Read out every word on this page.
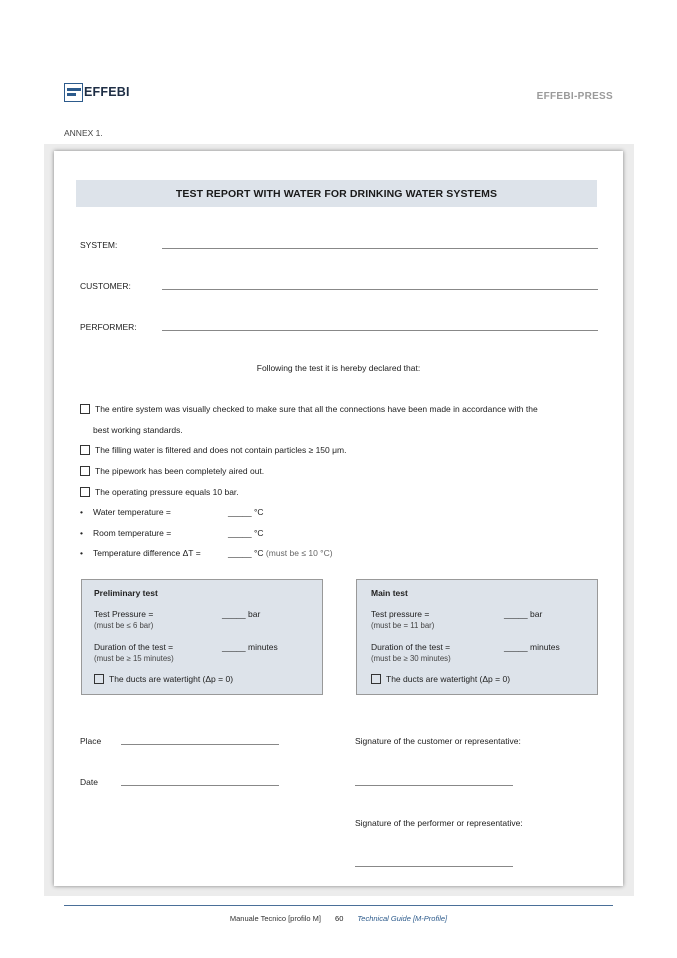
EFFEBI	EFFEBI-PRESS
ANNEX 1.
TEST REPORT WITH WATER FOR DRINKING WATER SYSTEMS
SYSTEM:
CUSTOMER:
PERFORMER:
Following the test it is hereby declared that:
The entire system was visually checked to make sure that all the connections have been made in accordance with the
best working standards.
The filling water is filtered and does not contain particles ≥ 150 μm.
The pipework has been completely aired out.
The operating pressure equals 10 bar.
• Water temperature =	_____ °C
• Room temperature =	_____ °C
• Temperature difference ΔT =	_____ °C (must be ≤ 10 °C)
Preliminary test
Test Pressure =
(must be ≤ 6 bar)
_____ bar
Duration of the test =
(must be ≥ 15 minutes)
_____ minutes
The ducts are watertight (Δp = 0)
Main test
Test pressure =
(must be = 11 bar)
_____ bar
Duration of the test =
(must be ≥ 30 minutes)
_____ minutes
The ducts are watertight (Δp = 0)
Place
Date
Signature of the customer or representative:
Signature of the performer or representative:
Manuale Tecnico [profilo M] 60 Technical Guide [M-Profile]
